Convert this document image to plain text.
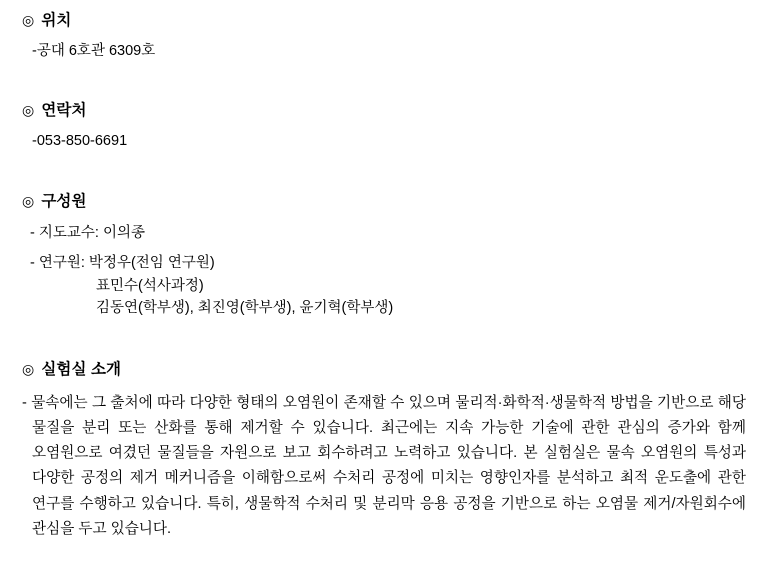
◎ 위치
-공대 6호관 6309호
◎ 연락처
-053-850-6691
◎ 구성원
- 지도교수: 이의종
- 연구원: 박정우(전임 연구원)
표민수(석사과정)
김동연(학부생), 최진영(학부생), 윤기혁(학부생)
◎ 실험실 소개
- 물속에는 그 출처에 따라 다양한 형태의 오염원이 존재할 수 있으며 물리적·화학적·생물학적 방법을 기반으로 해당 물질을 분리 또는 산화를 통해 제거할 수 있습니다. 최근에는 지속 가능한 기술에 관한 관심의 증가와 함께 오염원으로 여겼던 물질들을 자원으로 보고 회수하려고 노력하고 있습니다. 본 실험실은 물속 오염원의 특성과 다양한 공정의 제거 메커니즘을 이해함으로써 수처리 공정에 미치는 영향인자를 분석하고 최적 운도출에 관한 연구를 수행하고 있습니다. 특히, 생물학적 수처리 및 분리막 응용 공정을 기반으로 하는 오염물 제거/자원회수에 관심을 두고 있습니다.
